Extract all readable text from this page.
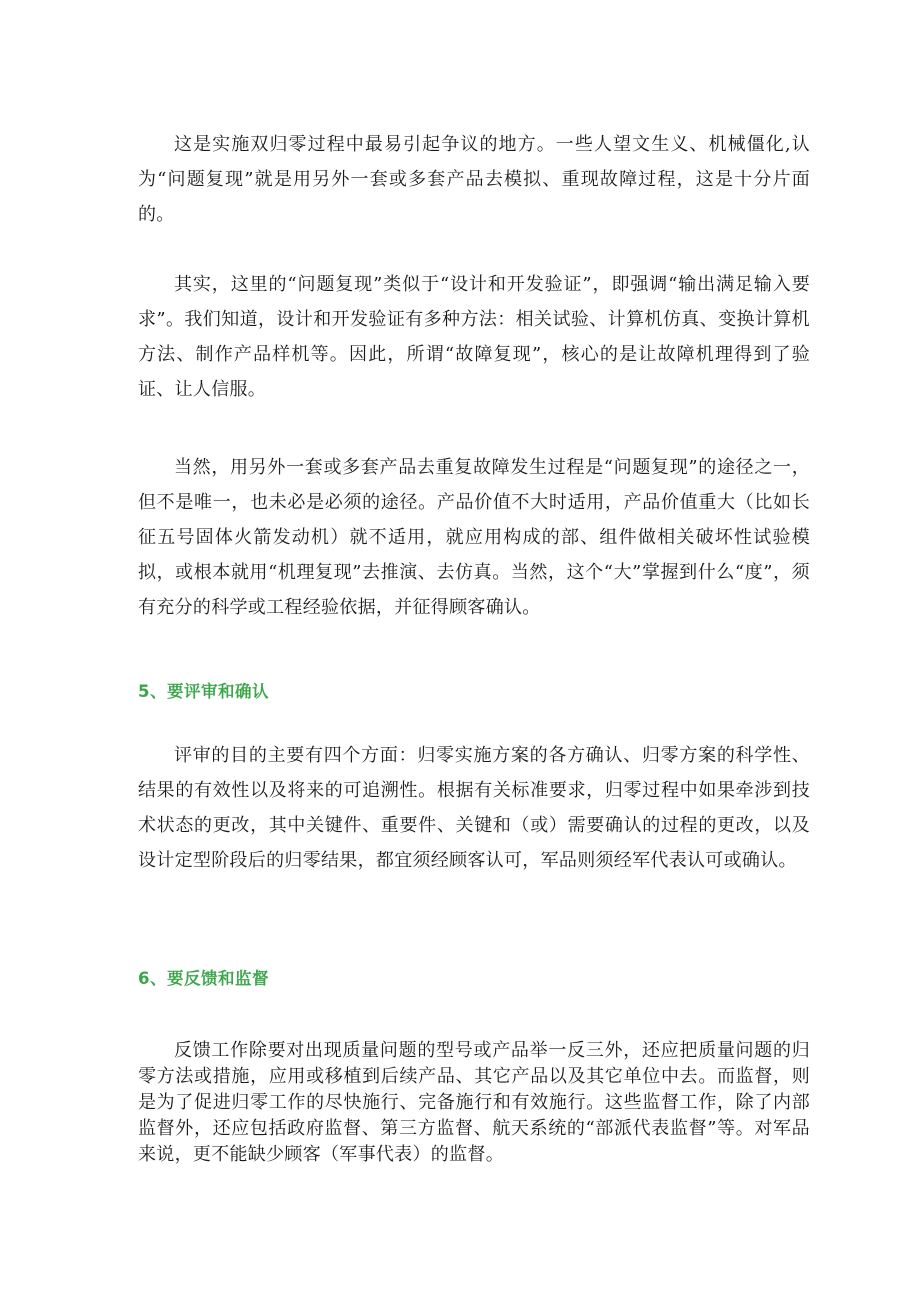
这是实施双归零过程中最易引起争议的地方。一些人望文生义、机械僵化,认为“问题复现”就是用另外一套或多套产品去模拟、重现故障过程，这是十分片面的。

其实，这里的“问题复现”类似于“设计和开发验证”，即强调“输出满足输入要求”。我们知道，设计和开发验证有多种方法：相关试验、计算机仿真、变换计算机方法、制作产品样机等。因此，所谓“故障复现”，核心的是让故障机理得到了验证、让人信服。

当然，用另外一套或多套产品去重复故障发生过程是“问题复现”的途径之一，但不是唯一，也未必是必须的途径。产品价值不大时适用，产品价值重大（比如长征五号固体火箭发动机）就不适用，就应用构成的部、组件做相关破坏性试验模拟，或根本就用“机理复现”去推演、去仿真。当然，这个“大”掌握到什么“度”，须有充分的科学或工程经验依据，并征得顾客确认。

5、要评审和确认

评审的目的主要有四个方面：归零实施方案的各方确认、归零方案的科学性、结果的有效性以及将来的可追溯性。根据有关标准要求，归零过程中如果牵涉到技术状态的更改，其中关键件、重要件、关键和（或）需要确认的过程的更改，以及设计定型阶段后的归零结果，都宜须经顾客认可，军品则须经军代表认可或确认。

6、要反馈和监督

反馈工作除要对出现质量问题的型号或产品举一反三外，还应把质量问题的归零方法或措施，应用或移植到后续产品、其它产品以及其它单位中去。而监督，则是为了促进归零工作的尽快施行、完备施行和有效施行。这些监督工作，除了内部监督外，还应包括政府监督、第三方监督、航天系统的“部派代表监督”等。对军品来说，更不能缺少顾客（军事代表）的监督。
